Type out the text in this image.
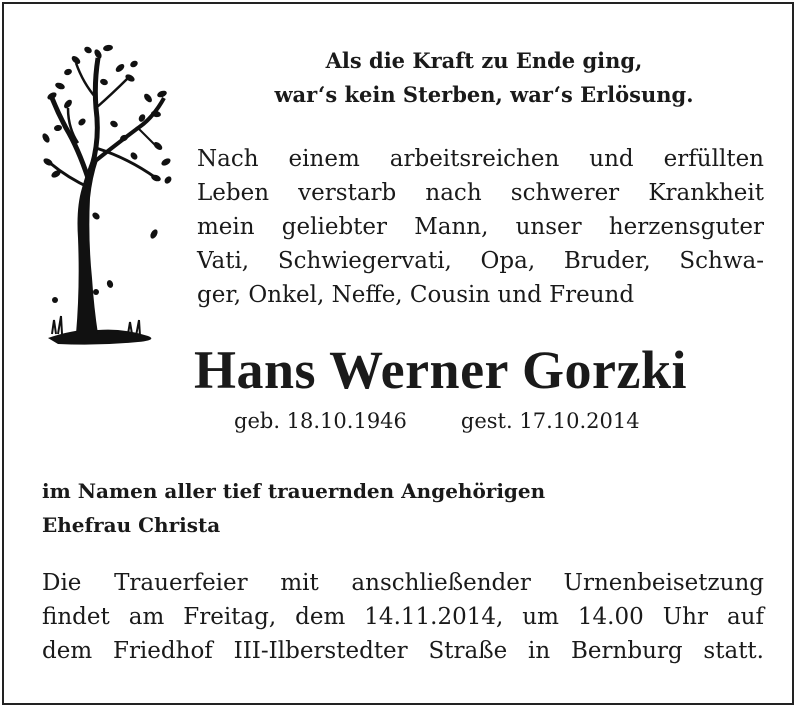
Als die Kraft zu Ende ging,
war‘s kein Sterben, war‘s Erlösung.
Nach einem arbeitsreichen und erfüllten
Leben verstarb nach schwerer Krankheit
mein geliebter Mann, unser herzensguter
Vati, Schwiegervati, Opa, Bruder, Schwa-
ger, Onkel, Neffe, Cousin und Freund
Hans Werner Gorzki
geb. 18.10.1946	gest. 17.10.2014
im Namen aller tief trauernden Angehörigen
Ehefrau Christa
Die Trauerfeier mit anschließender Urnenbeisetzung
findet am Freitag, dem 14.11.2014, um 14.00 Uhr auf
dem Friedhof III-Ilberstedter Straße in Bernburg statt.
